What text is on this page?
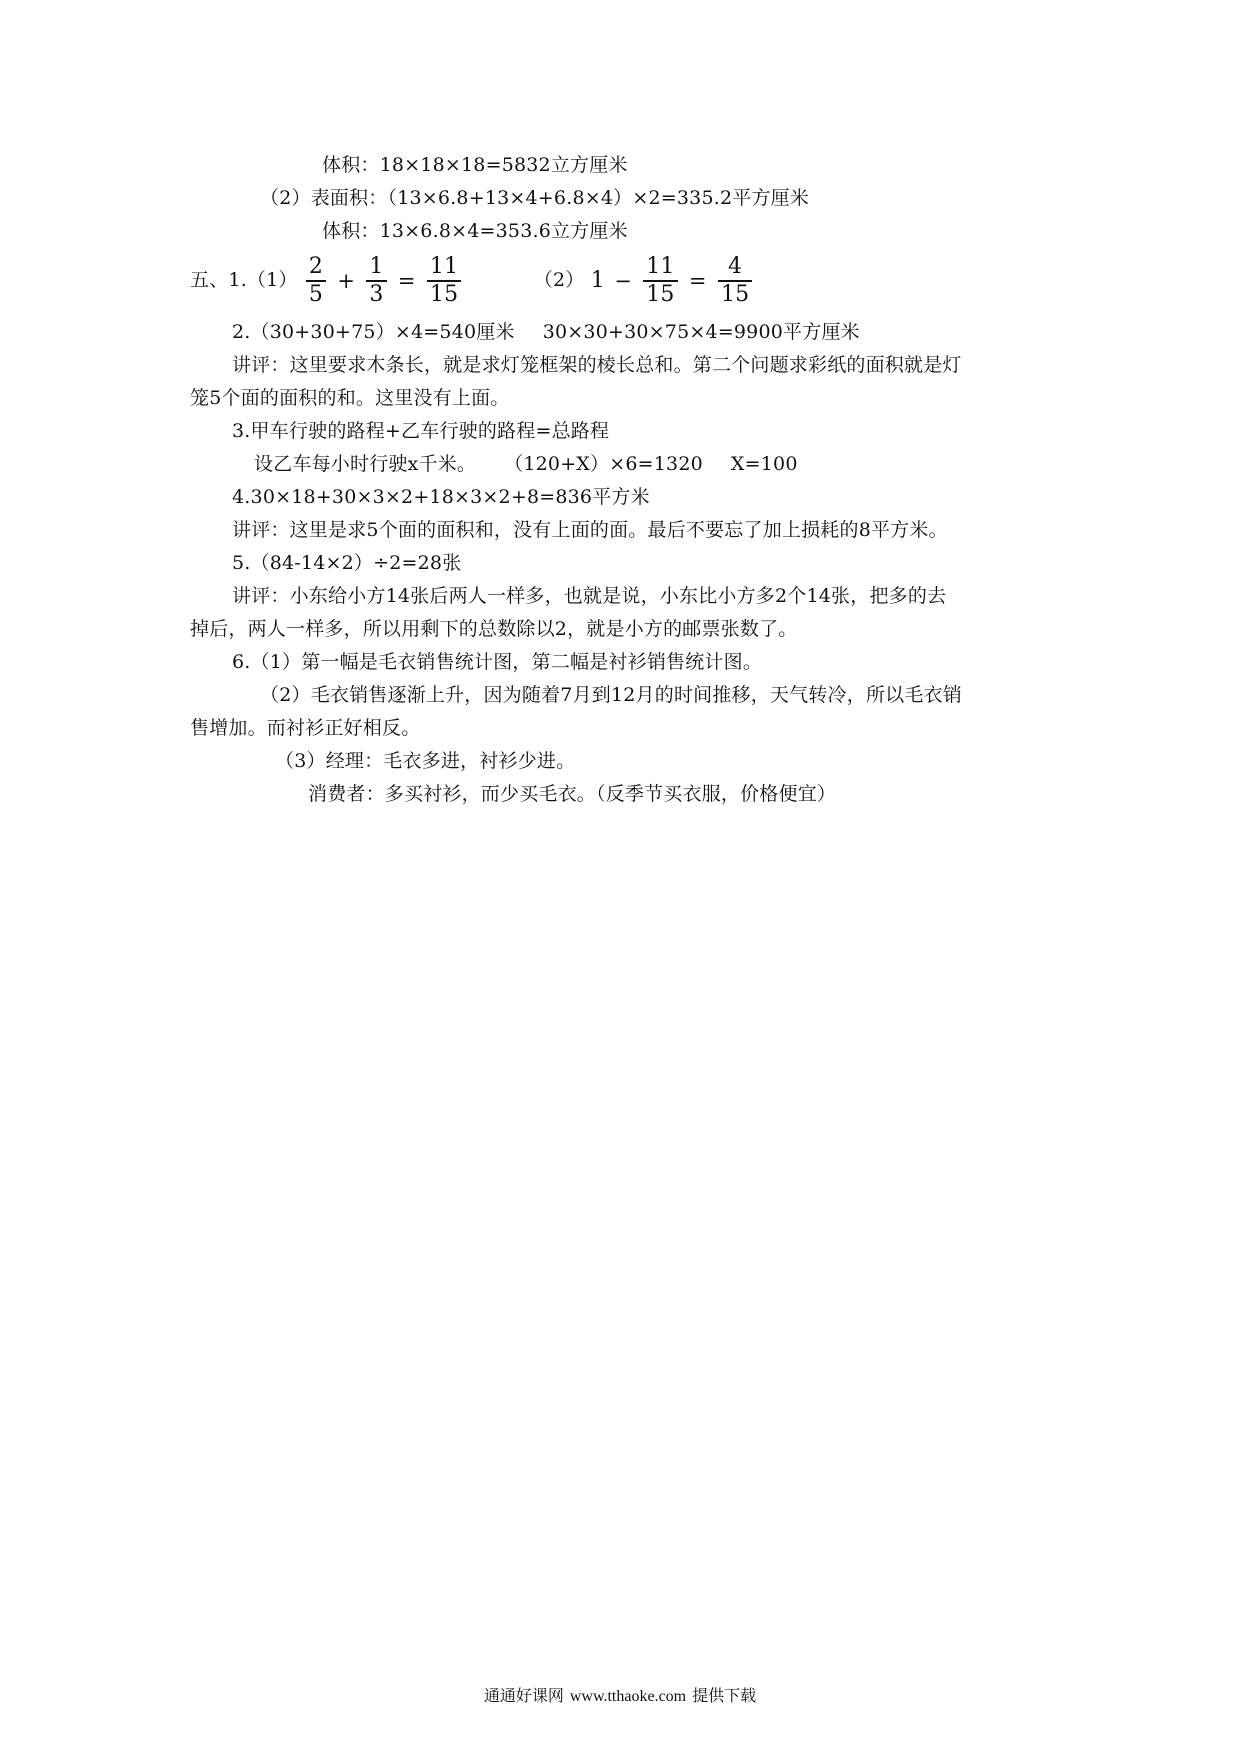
体积：18×18×18=5832立方厘米
（2）表面积：（13×6.8+13×4+6.8×4）×2=335.2平方厘米
体积：13×6.8×4=353.6立方厘米
五、$1.(1) \frac{2}{5} + \frac{1}{3} = \frac{11}{15}$	（2） $1 - \frac{11}{15} = \frac{4}{15}$
2.（30+30+75）×4=540厘米 30×30+30×75×4=9900平方厘米
讲评：这里要求木条长，就是求灯笼框架的棱长总和。第二个问题求彩纸的面积就是灯
笼5个面的面积的和。这里没有上面。
3.甲车行驶的路程+乙车行驶的路程=总路程
设乙车每小时行驶x千米。 （120+X）×6=1320 X=100
4.30×18+30×3×2+18×3×2+8=836平方米
讲评：这里是求5个面的面积和，没有上面的面。最后不要忘了加上损耗的8平方米。
5.（84-14×2）÷2=28张
讲评：小东给小方14张后两人一样多，也就是说，小东比小方多2个14张，把多的去
掉后，两人一样多，所以用剩下的总数除以2，就是小方的邮票张数了。
6.（1）第一幅是毛衣销售统计图，第二幅是衬衫销售统计图。
（2）毛衣销售逐渐上升，因为随着7月到12月的时间推移，天气转冷，所以毛衣销
售增加。而衬衫正好相反。
（3）经理：毛衣多进，衬衫少进。
消费者：多买衬衫，而少买毛衣。（反季节买衣服，价格便宜）
通通好课网 www.tthaoke.com 提供下载
